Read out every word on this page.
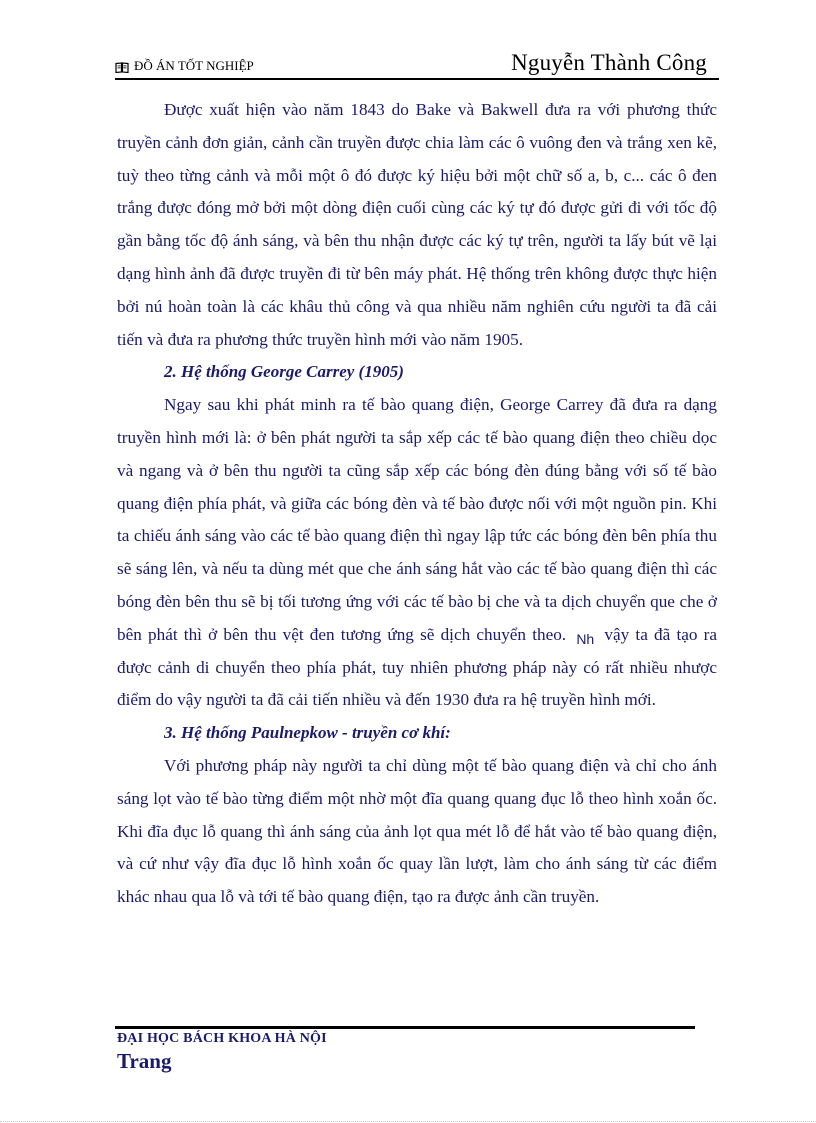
ĐỒ ÁN TỐT NGHIỆP	Nguyễn Thành Công

Được xuất hiện vào năm 1843 do Bake và Bakwell đưa ra với phương thức truyền cảnh đơn giản, cảnh cần truyền được chia làm các ô vuông đen và trắng xen kẽ, tuỳ theo từng cảnh và mỗi một ô đó được ký hiệu bởi một chữ số a, b, c... các ô đen trắng được đóng mở bởi một dòng điện cuối cùng các ký tự đó được gửi đi với tốc độ gần bằng tốc độ ánh sáng, và bên thu nhận được các ký tự trên, người ta lấy bút vẽ lại dạng hình ảnh đã được truyền đi từ bên máy phát. Hệ thống trên không được thực hiện bởi nú hoàn toàn là các khâu thủ công và qua nhiều năm nghiên cứu người ta đã cải tiến và đưa ra phương thức truyền hình mới vào năm 1905.

2. Hệ thống George Carrey (1905)

Ngay sau khi phát minh ra tế bào quang điện, George Carrey đã đưa ra dạng truyền hình mới là: ở bên phát người ta sắp xếp các tế bào quang điện theo chiều dọc và ngang và ở bên thu người ta cũng sắp xếp các bóng đèn đúng bằng với số tế bào quang điện phía phát, và giữa các bóng đèn và tế bào được nối với một nguồn pin. Khi ta chiếu ánh sáng vào các tế bào quang điện thì ngay lập tức các bóng đèn bên phía thu sẽ sáng lên, và nếu ta dùng mét que che ánh sáng hắt vào các tế bào quang điện thì các bóng đèn bên thu sẽ bị tối tương ứng với các tế bào bị che và ta dịch chuyển que che ở bên phát thì ở bên thu vệt đen tương ứng sẽ dịch chuyển theo. $_{Nh}$ vậy ta đã tạo ra được cảnh di chuyển theo phía phát, tuy nhiên phương pháp này có rất nhiều nhược điểm do vậy người ta đã cải tiến nhiều và đến 1930 đưa ra hệ truyền hình mới.

3. Hệ thống Paulnepkow - truyền cơ khí:

Với phương pháp này người ta chỉ dùng một tế bào quang điện và chỉ cho ánh sáng lọt vào tế bào từng điểm một nhờ một đĩa quang quang đục lỗ theo hình xoắn ốc. Khi đĩa đục lỗ quang thì ánh sáng của ảnh lọt qua mét lỗ để hắt vào tế bào quang điện, và cứ như vậy đĩa đục lỗ hình xoắn ốc quay lần lượt, làm cho ánh sáng từ các điểm khác nhau qua lỗ và tới tế bào quang điện, tạo ra được ảnh cần truyền.

ĐẠI HỌC BÁCH KHOA HÀ NỘI
Trang
